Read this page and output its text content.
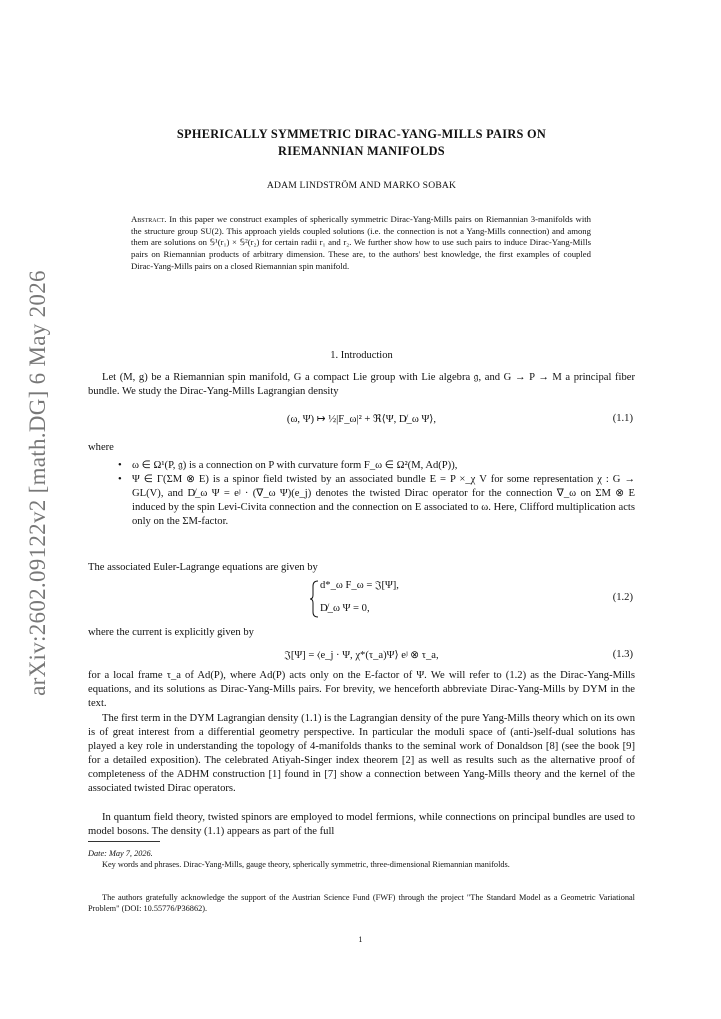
arXiv:2602.09122v2 [math.DG] 6 May 2026
SPHERICALLY SYMMETRIC DIRAC-YANG-MILLS PAIRS ON
RIEMANNIAN MANIFOLDS
ADAM LINDSTRÖM AND MARKO SOBAK
Abstract. In this paper we construct examples of spherically symmetric Dirac-Yang-Mills pairs on Riemannian 3-manifolds with the structure group SU(2). This approach yields coupled solutions (i.e. the connection is not a Yang-Mills connection) and among them are solutions on 𝕊¹(r₁) × 𝕊²(r₂) for certain radii r₁ and r₂. We further show how to use such pairs to induce Dirac-Yang-Mills pairs on Riemannian products of arbitrary dimension. These are, to the authors' best knowledge, the first examples of coupled Dirac-Yang-Mills pairs on a closed Riemannian spin manifold.
1. Introduction
Let (M, g) be a Riemannian spin manifold, G a compact Lie group with Lie algebra 𝔤, and G → P → M a principal fiber bundle. We study the Dirac-Yang-Mills Lagrangian density
(ω, Ψ) ↦ ½|F_ω|² + ℜ⟨Ψ, D̸_ω Ψ⟩,	(1.1)
where
• ω ∈ Ω¹(P, 𝔤) is a connection on P with curvature form F_ω ∈ Ω²(M, Ad(P)),
• Ψ ∈ Γ(ΣM ⊗ E) is a spinor field twisted by an associated bundle E = P ×_χ V for some representation χ : G → GL(V), and D̸_ω Ψ = eʲ · (∇_ω Ψ)(e_j) denotes the twisted Dirac operator for the connection ∇_ω on ΣM ⊗ E induced by the spin Levi-Civita connection and the connection on E associated to ω. Here, Clifford multiplication acts only on the ΣM-factor.
The associated Euler-Lagrange equations are given by
d*_ω F_ω = 𝔍[Ψ],
(1.2)
D̸_ω Ψ = 0,
where the current is explicitly given by
𝔍[Ψ] = ⟨e_j · Ψ, χ*(τ_a)Ψ⟩ eʲ ⊗ τ_a,	(1.3)
for a local frame τ_a of Ad(P), where Ad(P) acts only on the E-factor of Ψ. We will refer to (1.2) as the Dirac-Yang-Mills equations, and its solutions as Dirac-Yang-Mills pairs. For brevity, we henceforth abbreviate Dirac-Yang-Mills by DYM in the text.
The first term in the DYM Lagrangian density (1.1) is the Lagrangian density of the pure Yang-Mills theory which on its own is of great interest from a differential geometry perspective. In particular the moduli space of (anti-)self-dual solutions has played a key role in understanding the topology of 4-manifolds thanks to the seminal work of Donaldson [8] (see the book [9] for a detailed exposition). The celebrated Atiyah-Singer index theorem [2] as well as results such as the alternative proof of completeness of the ADHM construction [1] found in [7] show a connection between Yang-Mills theory and the kernel of the associated twisted Dirac operators.
In quantum field theory, twisted spinors are employed to model fermions, while connections on principal bundles are used to model bosons. The density (1.1) appears as part of the full
Date: May 7, 2026.
Key words and phrases. Dirac-Yang-Mills, gauge theory, spherically symmetric, three-dimensional Riemannian manifolds.
The authors gratefully acknowledge the support of the Austrian Science Fund (FWF) through the project "The Standard Model as a Geometric Variational Problem" (DOI: 10.55776/P36862).
1
